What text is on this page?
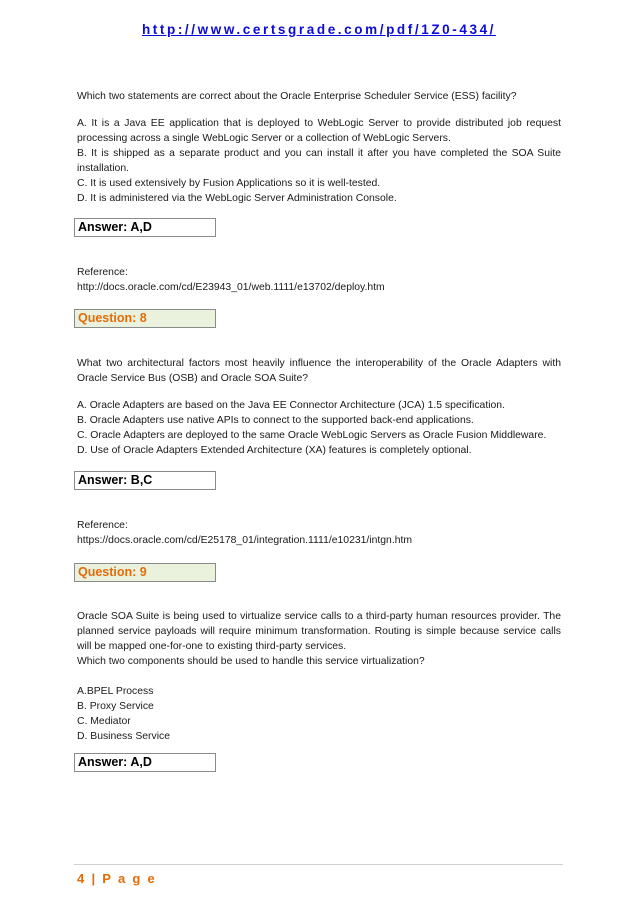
http://www.certsgrade.com/pdf/1Z0-434/

Which two statements are correct about the Oracle Enterprise Scheduler Service (ESS) facility?

A. It is a Java EE application that is deployed to WebLogic Server to provide distributed job request processing across a single WebLogic Server or a collection of WebLogic Servers.

B. It is shipped as a separate product and you can install it after you have completed the SOA Suite installation.

C. It is used extensively by Fusion Applications so it is well-tested.

D. It is administered via the WebLogic Server Administration Console.

Answer: A,D

Reference:

http://docs.oracle.com/cd/E23943_01/web.1111/e13702/deploy.htm

Question: 8

What two architectural factors most heavily influence the interoperability of the Oracle Adapters with Oracle Service Bus (OSB) and Oracle SOA Suite?

A. Oracle Adapters are based on the Java EE Connector Architecture (JCA) 1.5 specification.

B. Oracle Adapters use native APIs to connect to the supported back-end applications.

C. Oracle Adapters are deployed to the same Oracle WebLogic Servers as Oracle Fusion Middleware.

D. Use of Oracle Adapters Extended Architecture (XA) features is completely optional.

Answer: B,C

Reference:

https://docs.oracle.com/cd/E25178_01/integration.1111/e10231/intgn.htm

Question: 9

Oracle SOA Suite is being used to virtualize service calls to a third-party human resources provider. The planned service payloads will require minimum transformation. Routing is simple because service calls will be mapped one-for-one to existing third-party services.

Which two components should be used to handle this service virtualization?

A.BPEL Process

B. Proxy Service

C. Mediator

D. Business Service

Answer: A,D
4 | P a g e
